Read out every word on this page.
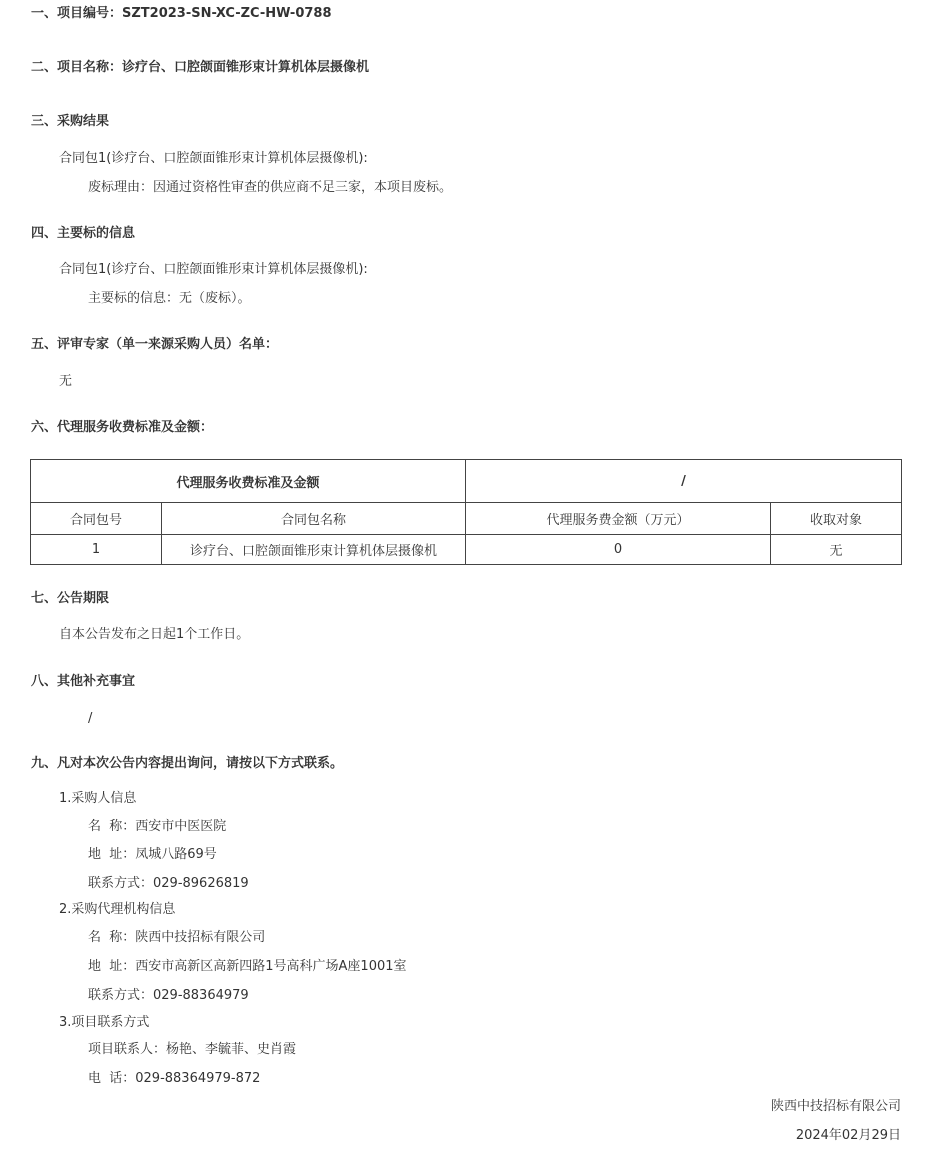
一、项目编号：SZT2023-SN-XC-ZC-HW-0788
二、项目名称：诊疗台、口腔颌面锥形束计算机体层摄像机
三、采购结果
合同包1(诊疗台、口腔颌面锥形束计算机体层摄像机):
废标理由：因通过资格性审查的供应商不足三家，本项目废标。
四、主要标的信息
合同包1(诊疗台、口腔颌面锥形束计算机体层摄像机):
主要标的信息：无（废标）。
五、评审专家（单一来源采购人员）名单：
无
六、代理服务收费标准及金额：
代理服务收费标准及金额		/	
合同包号	合同包名称	代理服务费金额（万元）	收取对象
1	诊疗台、口腔颌面锥形束计算机体层摄像机	0	无
七、公告期限
自本公告发布之日起1个工作日。
八、其他补充事宜
/
九、凡对本次公告内容提出询问，请按以下方式联系。
1.采购人信息
名  称：西安市中医医院
地  址：凤城八路69号
联系方式：029-89626819
2.采购代理机构信息
名  称：陕西中技招标有限公司
地  址：西安市高新区高新四路1号高科广场A座1001室
联系方式：029-88364979
3.项目联系方式
项目联系人：杨艳、李毓菲、史肖霞
电  话：029-88364979-872
陕西中技招标有限公司
2024年02月29日
